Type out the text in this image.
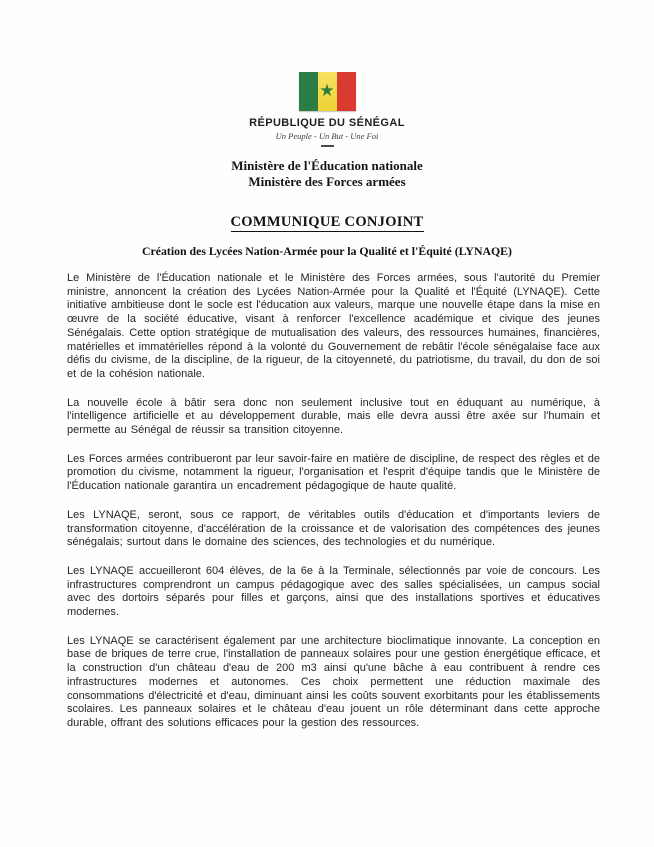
★
RÉPUBLIQUE DU SÉNÉGAL
Un Peuple - Un But - Une Foi
Ministère de l'Éducation nationale
Ministère des Forces armées
COMMUNIQUE CONJOINT
Création des Lycées Nation-Armée pour la Qualité et l'Équité (LYNAQE)

Le Ministère de l'Éducation nationale et le Ministère des Forces armées, sous l'autorité du Premier ministre, annoncent la création des Lycées Nation-Armée pour la Qualité et l'Équité (LYNAQE). Cette initiative ambitieuse dont le socle est l'éducation aux valeurs, marque une nouvelle étape dans la mise en œuvre de la société éducative, visant à renforcer l'excellence académique et civique des jeunes Sénégalais. Cette option stratégique de mutualisation des valeurs, des ressources humaines, financières, matérielles et immatérielles répond à la volonté du Gouvernement de rebâtir l'école sénégalaise face aux défis du civisme, de la discipline, de la rigueur, de la citoyenneté, du patriotisme, du travail, du don de soi et de la cohésion nationale.

La nouvelle école à bâtir sera donc non seulement inclusive tout en éduquant au numérique, à l'intelligence artificielle et au développement durable, mais elle devra aussi être axée sur l'humain et permette au Sénégal de réussir sa transition citoyenne.

Les Forces armées contribueront par leur savoir-faire en matière de discipline, de respect des règles et de promotion du civisme, notamment la rigueur, l'organisation et l'esprit d'équipe tandis que le Ministère de l'Éducation nationale garantira un encadrement pédagogique de haute qualité.

Les LYNAQE, seront, sous ce rapport, de véritables outils d'éducation et d'importants leviers de transformation citoyenne, d'accélération de la croissance et de valorisation des compétences des jeunes sénégalais; surtout dans le domaine des sciences, des technologies et du numérique.

Les LYNAQE accueilleront 604 élèves, de la 6e à la Terminale, sélectionnés par voie de concours. Les infrastructures comprendront un campus pédagogique avec des salles spécialisées, un campus social avec des dortoirs séparés pour filles et garçons, ainsi que des installations sportives et éducatives modernes.

Les LYNAQE se caractérisent également par une architecture bioclimatique innovante. La conception en base de briques de terre crue, l'installation de panneaux solaires pour une gestion énergétique efficace, et la construction d'un château d'eau de 200 m3 ainsi qu'une bâche à eau contribuent à rendre ces infrastructures modernes et autonomes. Ces choix permettent une réduction maximale des consommations d'électricité et d'eau, diminuant ainsi les coûts souvent exorbitants pour les établissements scolaires. Les panneaux solaires et le château d'eau jouent un rôle déterminant dans cette approche durable, offrant des solutions efficaces pour la gestion des ressources.
